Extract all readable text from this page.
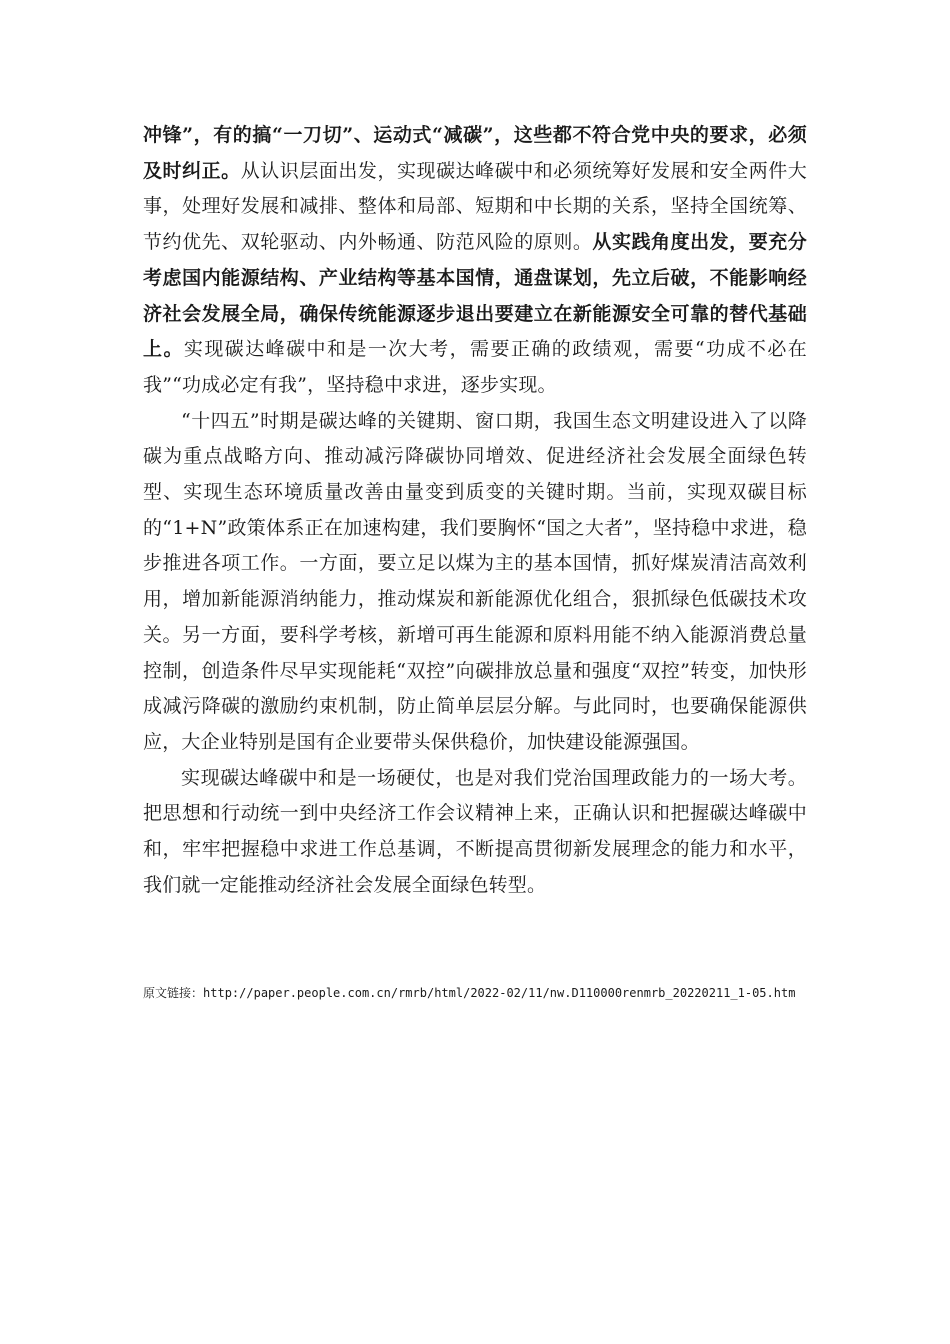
冲锋”，有的搞“一刀切”、运动式“减碳”，这些都不符合党中央的要求，必须及时纠正。从认识层面出发，实现碳达峰碳中和必须统筹好发展和安全两件大事，处理好发展和减排、整体和局部、短期和中长期的关系，坚持全国统筹、节约优先、双轮驱动、内外畅通、防范风险的原则。从实践角度出发，要充分考虑国内能源结构、产业结构等基本国情，通盘谋划，先立后破，不能影响经济社会发展全局，确保传统能源逐步退出要建立在新能源安全可靠的替代基础上。实现碳达峰碳中和是一次大考，需要正确的政绩观，需要“功成不必在我”“功成必定有我”，坚持稳中求进，逐步实现。

“十四五”时期是碳达峰的关键期、窗口期，我国生态文明建设进入了以降碳为重点战略方向、推动减污降碳协同增效、促进经济社会发展全面绿色转型、实现生态环境质量改善由量变到质变的关键时期。当前，实现双碳目标的“1+N”政策体系正在加速构建，我们要胸怀“国之大者”，坚持稳中求进，稳步推进各项工作。一方面，要立足以煤为主的基本国情，抓好煤炭清洁高效利用，增加新能源消纳能力，推动煤炭和新能源优化组合，狠抓绿色低碳技术攻关。另一方面，要科学考核，新增可再生能源和原料用能不纳入能源消费总量控制，创造条件尽早实现能耗“双控”向碳排放总量和强度“双控”转变，加快形成减污降碳的激励约束机制，防止简单层层分解。与此同时，也要确保能源供应，大企业特别是国有企业要带头保供稳价，加快建设能源强国。

实现碳达峰碳中和是一场硬仗，也是对我们党治国理政能力的一场大考。把思想和行动统一到中央经济工作会议精神上来，正确认识和把握碳达峰碳中和，牢牢把握稳中求进工作总基调，不断提高贯彻新发展理念的能力和水平，我们就一定能推动经济社会发展全面绿色转型。

原文链接：http://paper.people.com.cn/rmrb/html/2022-02/11/nw.D110000renmrb_20220211_1-05.htm
